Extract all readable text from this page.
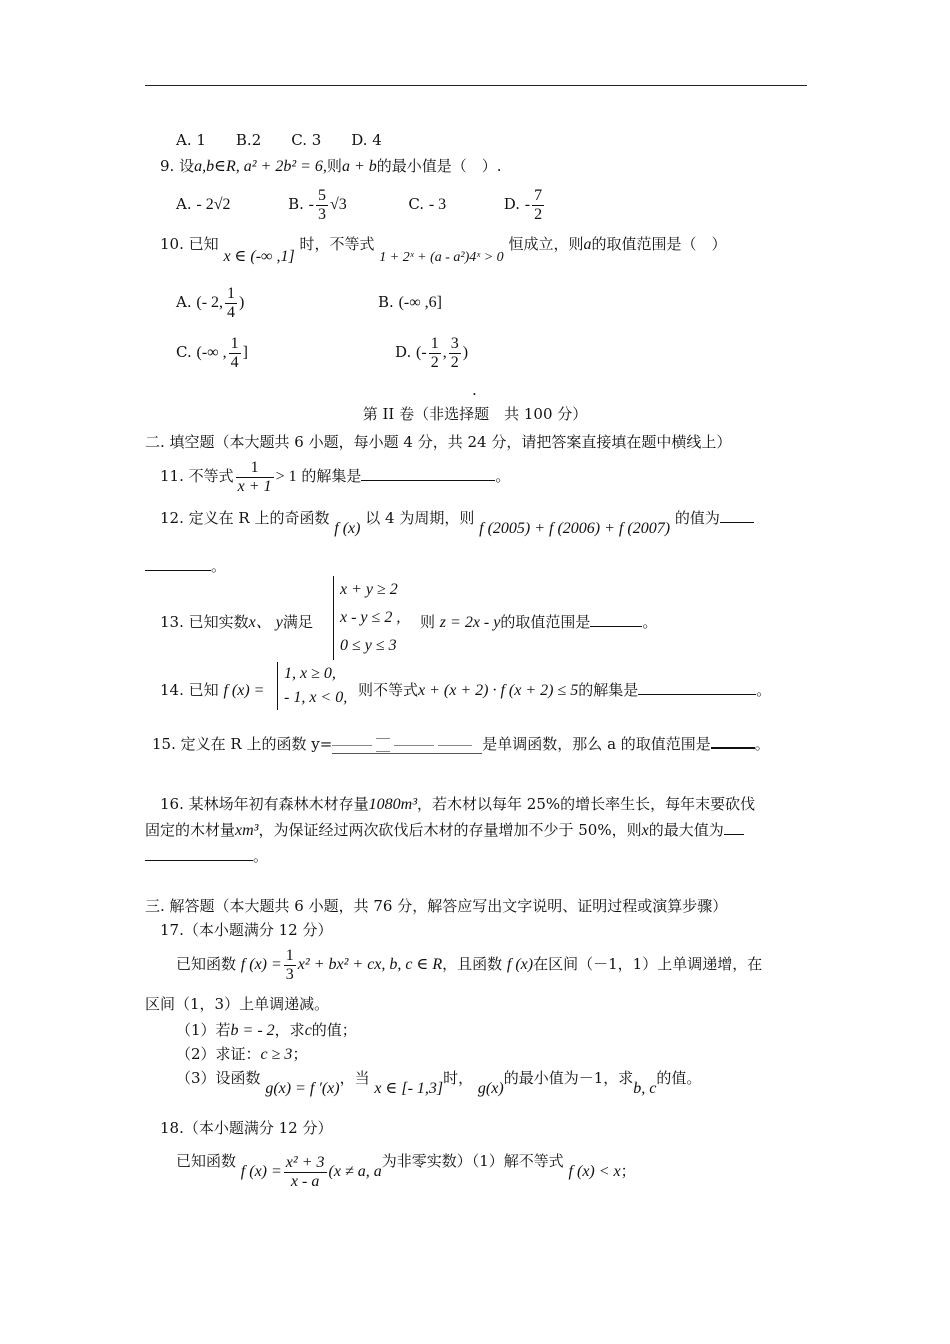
A. 1　　B.2　　C. 3　　D. 4
9. 设a,b∈R, a² + 2b² = 6,则a + b的最小值是（　）.
A. - 2√2	B. - $\frac{5}{3} √3$	C. - 3	D. - $\frac{7}{2}$
10. 已知 x ∈ (-∞ ,1] 时，不等式 1 + 2ˣ + (a - a²)4ˣ > 0 恒成立，则a的取值范围是（　）
A. (- 2, $\frac{1}{4}$ )	B. (-∞ ,6]
C. (-∞ , $\frac{1}{4}$ ]	D. (- $\frac{1}{2}$ , $\frac{3}{2}$ )
.
第 II 卷（非选择题　共 100 分）
二. 填空题（本大题共 6 小题，每小题 4 分，共 24 分，请把答案直接填在题中横线上）
11. 不等式 $\frac{1}{x + 1} > 1$ 的解集是	。
12. 定义在 R 上的奇函数 f (x) 以 4 为周期，则 f (2005) + f (2006) + f (2007) 的值为
。
13. 已知实数x、 y满足
x + y ≥ 2
x - y ≤ 2 ,
0 ≤ y ≤ 3
则 z = 2x - y的取值范围是	。
14. 已知 f (x) =
1, x ≥ 0,
- 1, x < 0, 则不等式x + (x + 2) · f (x + 2) ≤ 5的解集是	。
15. 定义在 R 上的函数 y=	是单调函数，那么 a 的取值范围是	。
16. 某林场年初有森林木材存量1080m³，若木材以每年 25%的增长率生长，每年末要砍伐
固定的木材量xm³，为保证经过两次砍伐后木材的存量增加不少于 50%，则x的最大值为
。
三. 解答题（本大题共 6 小题，共 76 分，解答应写出文字说明、证明过程或演算步骤）
17.（本小题满分 12 分）
已知函数 f $(x) = \frac{1}{3} x^2 + bx^2$ + cx, b, c ∈ R，且函数 f (x)在区间（－1，1）上单调递增，在
区间（1，3）上单调递减。
（1）若b = - 2，求c的值；
（2）求证：c ≥ 3；
（3）设函数 g(x) = f ′(x)，当 x ∈ [- 1,3]时， g(x)的最小值为－1，求b, c的值。
18.（本小题满分 12 分）
已知函数 f $(x) = \frac{\text{x² + 3}}{x - a} (x \ne a$, a为非零实数）（1）解不等式 f (x) < x；
